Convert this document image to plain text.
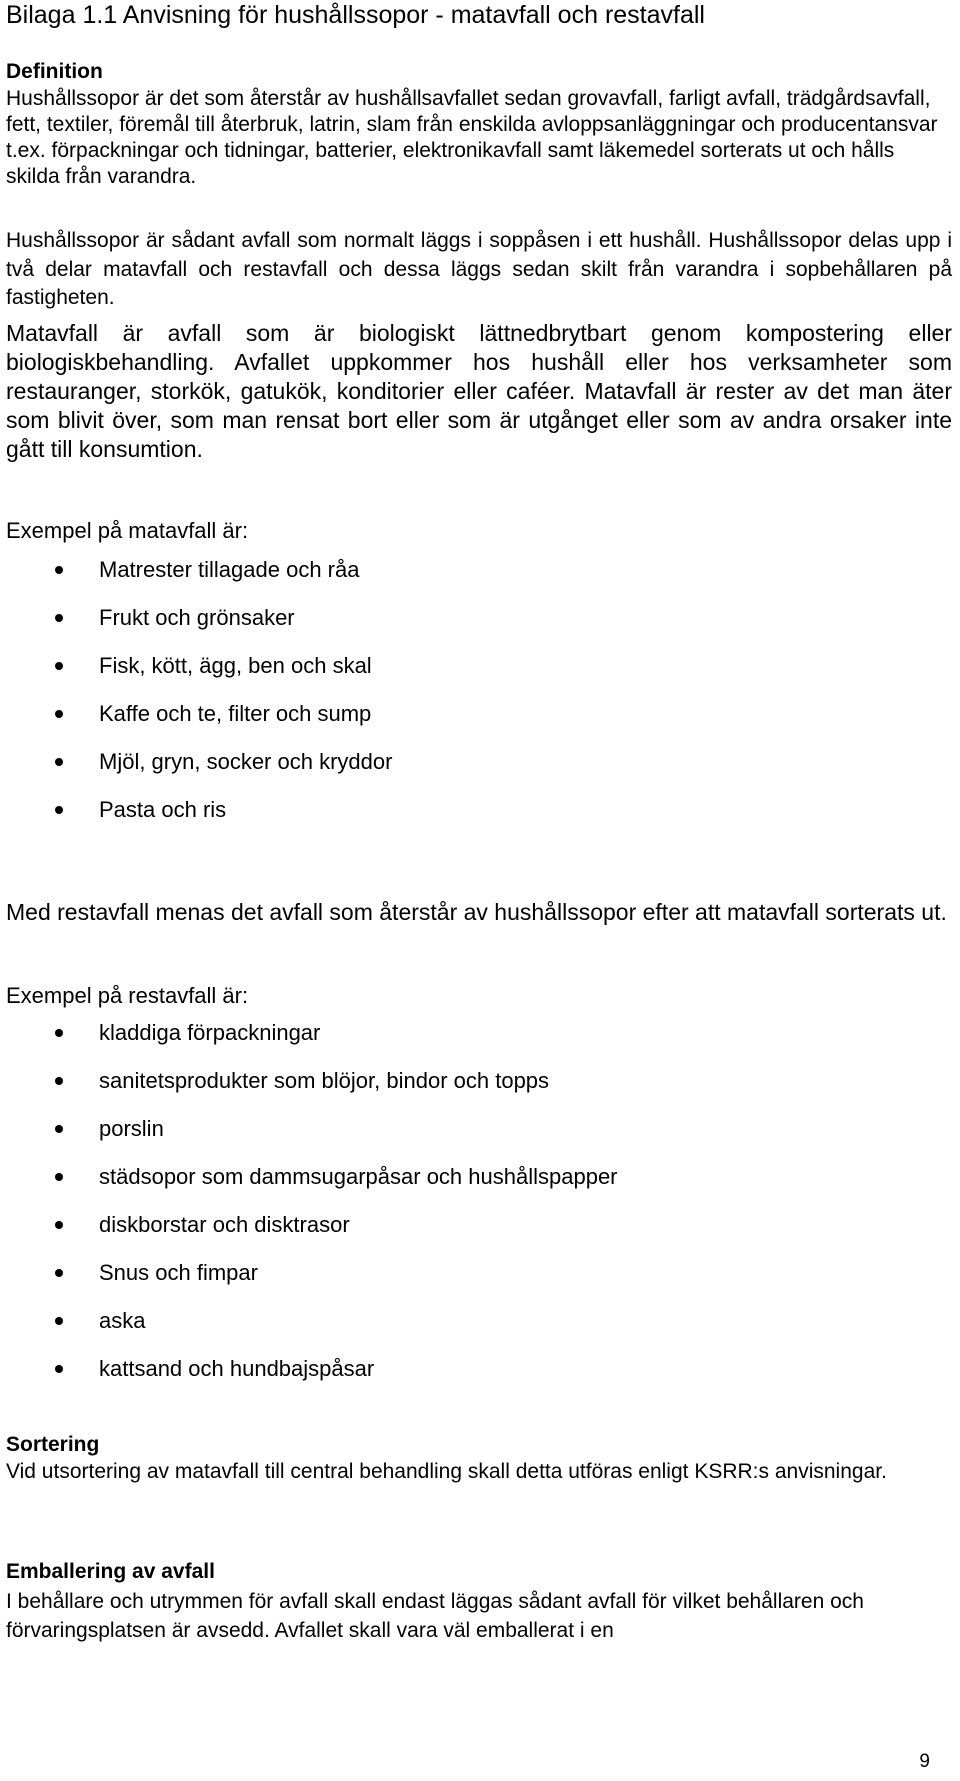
Bilaga 1.1 Anvisning för hushållssopor - matavfall och restavfall
Definition

Hushållssopor är det som återstår av hushållsavfallet sedan grovavfall, farligt avfall, trädgårdsavfall, fett, textiler, föremål till återbruk, latrin, slam från enskilda avloppsanläggningar och producentansvar t.ex. förpackningar och tidningar, batterier, elektronikavfall samt läkemedel sorterats ut och hålls skilda från varandra.

Hushållssopor är sådant avfall som normalt läggs i soppåsen i ett hushåll. Hushållssopor delas upp i två delar matavfall och restavfall och dessa läggs sedan skilt från varandra i sopbehållaren på fastigheten.

Matavfall är avfall som är biologiskt lättnedbrytbart genom kompostering eller biologiskbehandling. Avfallet uppkommer hos hushåll eller hos verksamheter som restauranger, storkök, gatukök, konditorier eller caféer. Matavfall är rester av det man äter som blivit över, som man rensat bort eller som är utgånget eller som av andra orsaker inte gått till konsumtion.

Exempel på matavfall är:

Matrester tillagade och råa
Frukt och grönsaker
Fisk, kött, ägg, ben och skal
Kaffe och te, filter och sump
Mjöl, gryn, socker och kryddor
Pasta och ris

Med restavfall menas det avfall som återstår av hushållssopor efter att matavfall sorterats ut.

Exempel på restavfall är:

kladdiga förpackningar
sanitetsprodukter som blöjor, bindor och topps
porslin
städsopor som dammsugarpåsar och hushållspapper
diskborstar och disktrasor
Snus och fimpar
aska
kattsand och hundbajspåsar
Sortering

Vid utsortering av matavfall till central behandling skall detta utföras enligt KSRR:s anvisningar.

Emballering av avfall

I behållare och utrymmen för avfall skall endast läggas sådant avfall för vilket behållaren och förvaringsplatsen är avsedd. Avfallet skall vara väl emballerat i en

9
